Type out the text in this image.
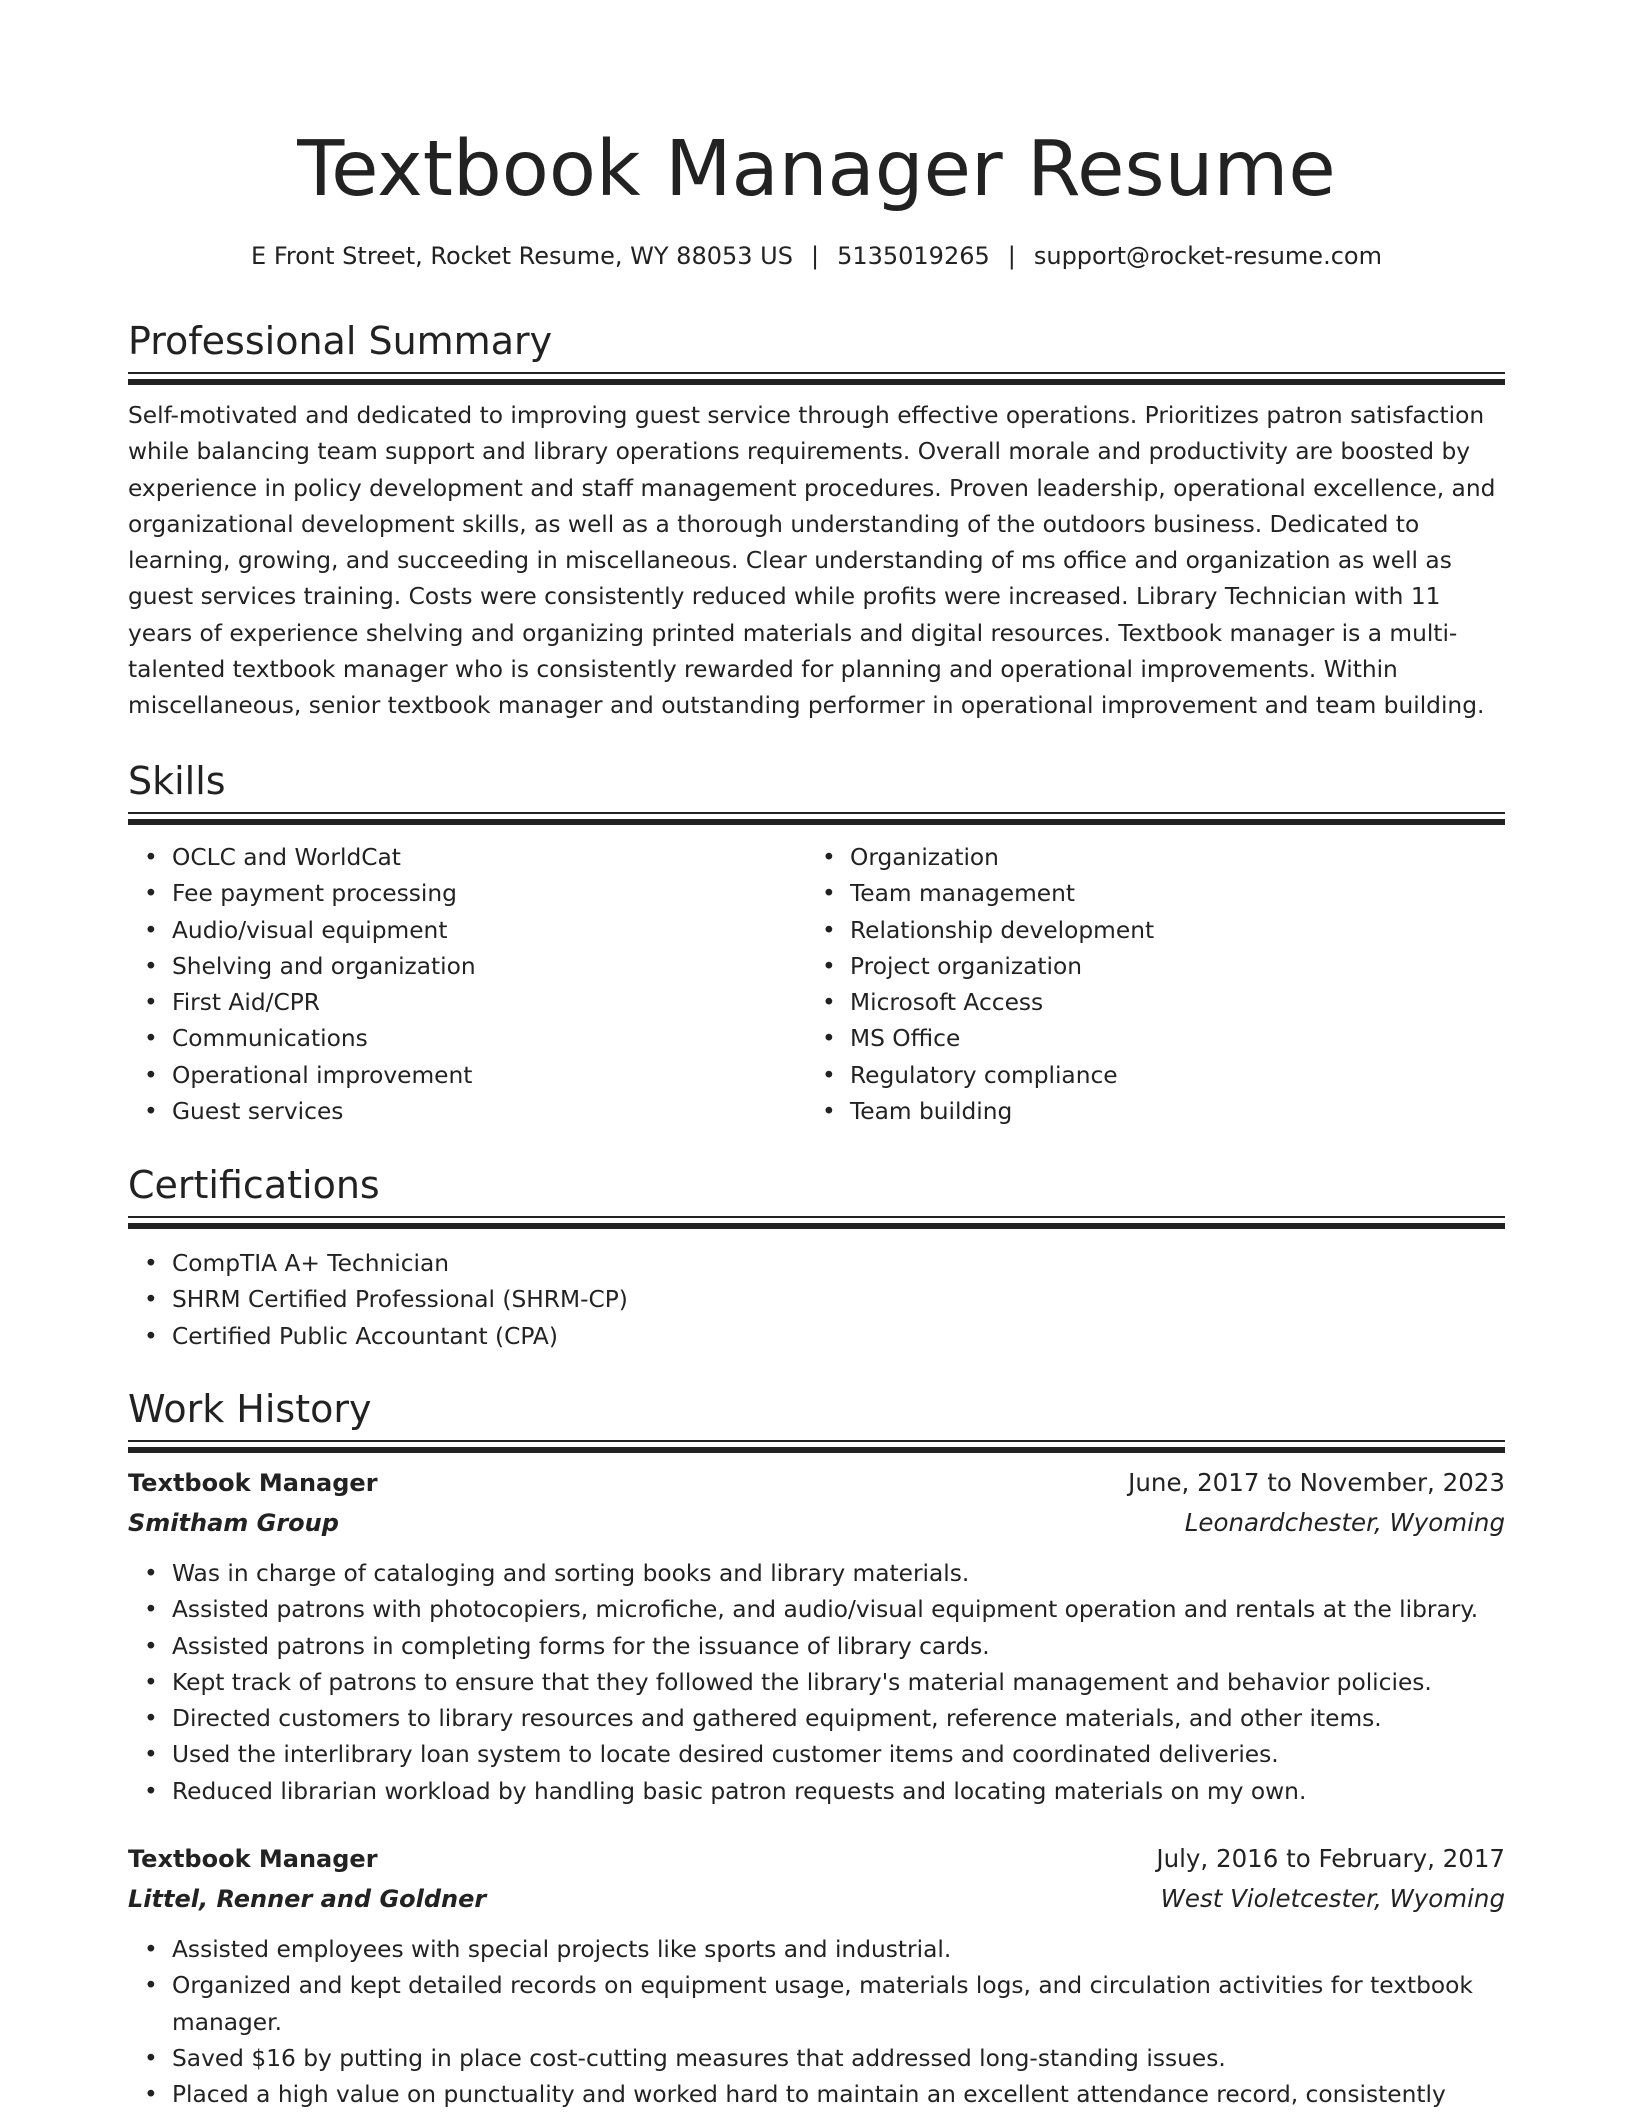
Textbook Manager Resume
E Front Street, Rocket Resume, WY 88053 US | 5135019265 | support@rocket-resume.com
Professional Summary
Self-motivated and dedicated to improving guest service through effective operations. Prioritizes patron satisfaction while balancing team support and library operations requirements. Overall morale and productivity are boosted by experience in policy development and staff management procedures. Proven leadership, operational excellence, and organizational development skills, as well as a thorough understanding of the outdoors business. Dedicated to learning, growing, and succeeding in miscellaneous. Clear understanding of ms office and organization as well as guest services training. Costs were consistently reduced while profits were increased. Library Technician with 11 years of experience shelving and organizing printed materials and digital resources. Textbook manager is a multi-talented textbook manager who is consistently rewarded for planning and operational improvements. Within miscellaneous, senior textbook manager and outstanding performer in operational improvement and team building.
Skills
• OCLC and WorldCat
• Fee payment processing
• Audio/visual equipment
• Shelving and organization
• First Aid/CPR
• Communications
• Operational improvement
• Guest services
• Organization
• Team management
• Relationship development
• Project organization
• Microsoft Access
• MS Office
• Regulatory compliance
• Team building
Certifications
• CompTIA A+ Technician
• SHRM Certified Professional (SHRM-CP)
• Certified Public Accountant (CPA)
Work History
Textbook Manager	June, 2017 to November, 2023
Smitham Group	Leonardchester, Wyoming
• Was in charge of cataloging and sorting books and library materials.
• Assisted patrons with photocopiers, microfiche, and audio/visual equipment operation and rentals at the library.
• Assisted patrons in completing forms for the issuance of library cards.
• Kept track of patrons to ensure that they followed the library's material management and behavior policies.
• Directed customers to library resources and gathered equipment, reference materials, and other items.
• Used the interlibrary loan system to locate desired customer items and coordinated deliveries.
• Reduced librarian workload by handling basic patron requests and locating materials on my own.
Textbook Manager	July, 2016 to February, 2017
Littel, Renner and Goldner	West Violetcester, Wyoming
• Assisted employees with special projects like sports and industrial.
• Organized and kept detailed records on equipment usage, materials logs, and circulation activities for textbook manager.
• Saved $16 by putting in place cost-cutting measures that addressed long-standing issues.
• Placed a high value on punctuality and worked hard to maintain an excellent attendance record, consistently
